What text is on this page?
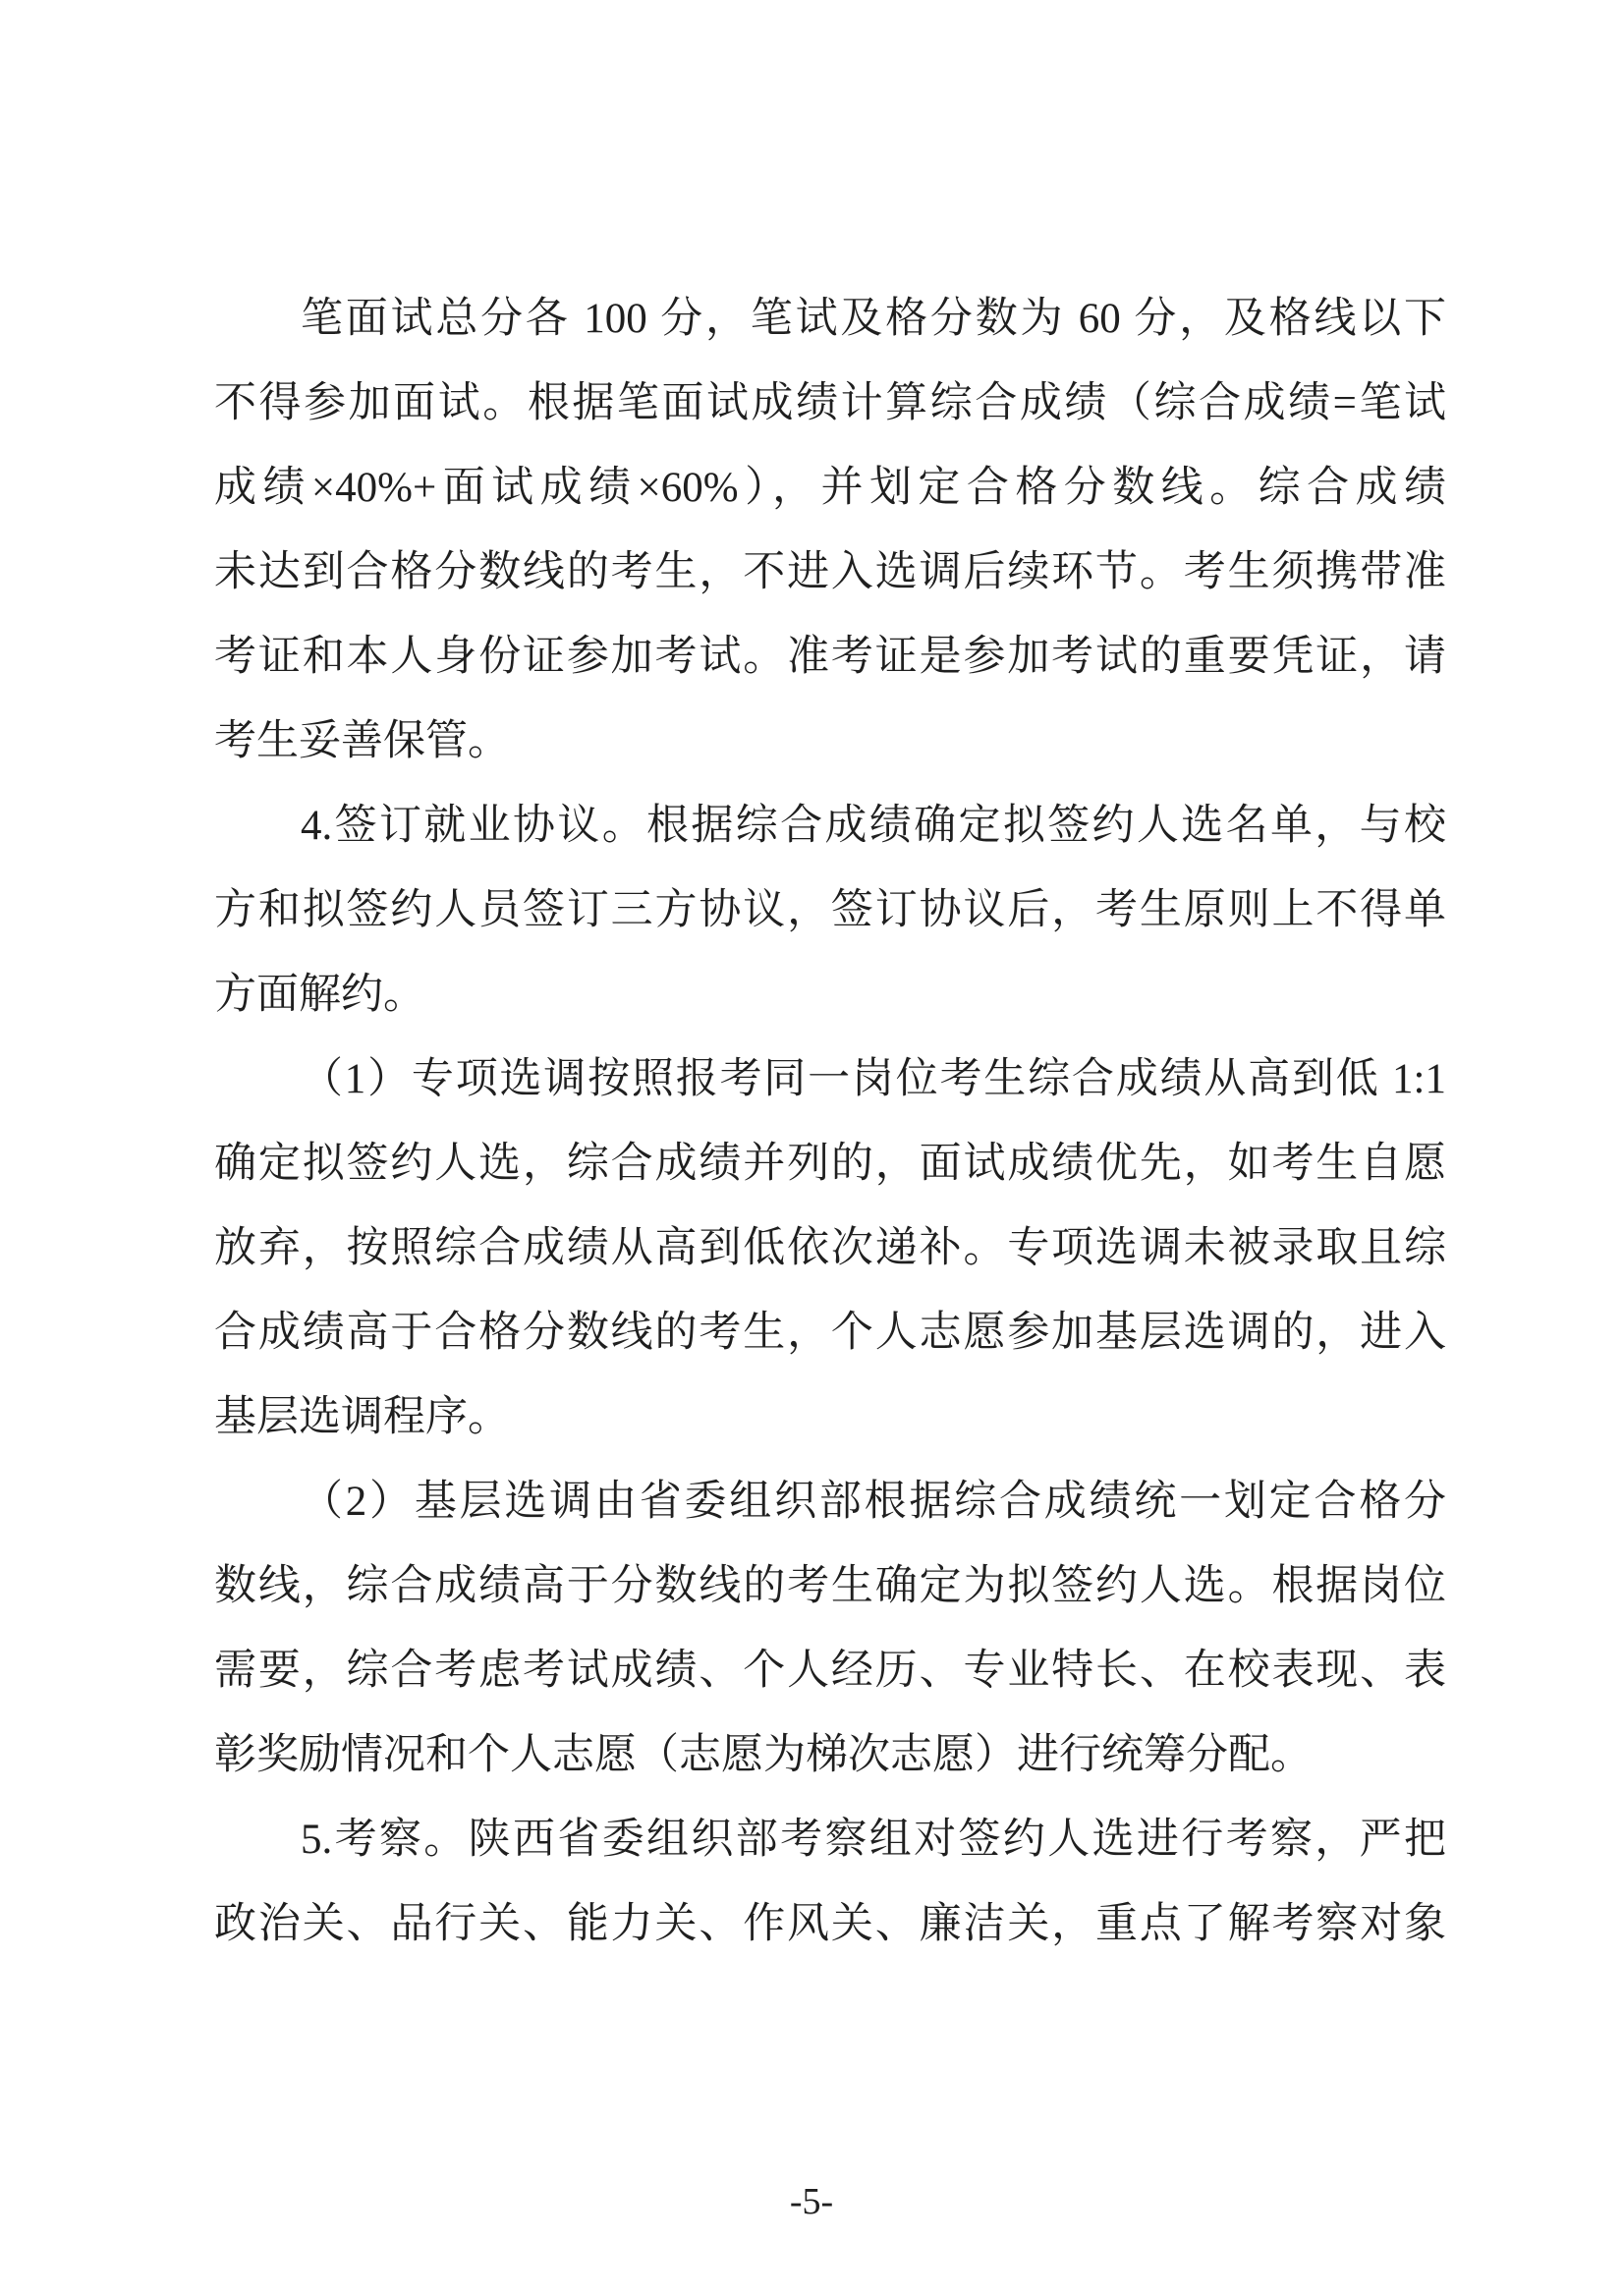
笔面试总分各 100 分，笔试及格分数为 60 分，及格线以下
不得参加面试。根据笔面试成绩计算综合成绩（综合成绩=笔试
成绩×40%+面试成绩×60%），并划定合格分数线。综合成绩
未达到合格分数线的考生，不进入选调后续环节。考生须携带准
考证和本人身份证参加考试。准考证是参加考试的重要凭证，请
考生妥善保管。
4.签订就业协议。根据综合成绩确定拟签约人选名单，与校
方和拟签约人员签订三方协议，签订协议后，考生原则上不得单
方面解约。
（1）专项选调按照报考同一岗位考生综合成绩从高到低 1:1
确定拟签约人选，综合成绩并列的，面试成绩优先，如考生自愿
放弃，按照综合成绩从高到低依次递补。专项选调未被录取且综
合成绩高于合格分数线的考生，个人志愿参加基层选调的，进入
基层选调程序。
（2）基层选调由省委组织部根据综合成绩统一划定合格分
数线，综合成绩高于分数线的考生确定为拟签约人选。根据岗位
需要，综合考虑考试成绩、个人经历、专业特长、在校表现、表
彰奖励情况和个人志愿（志愿为梯次志愿）进行统筹分配。
5.考察。陕西省委组织部考察组对签约人选进行考察，严把
政治关、品行关、能力关、作风关、廉洁关，重点了解考察对象
-5-
